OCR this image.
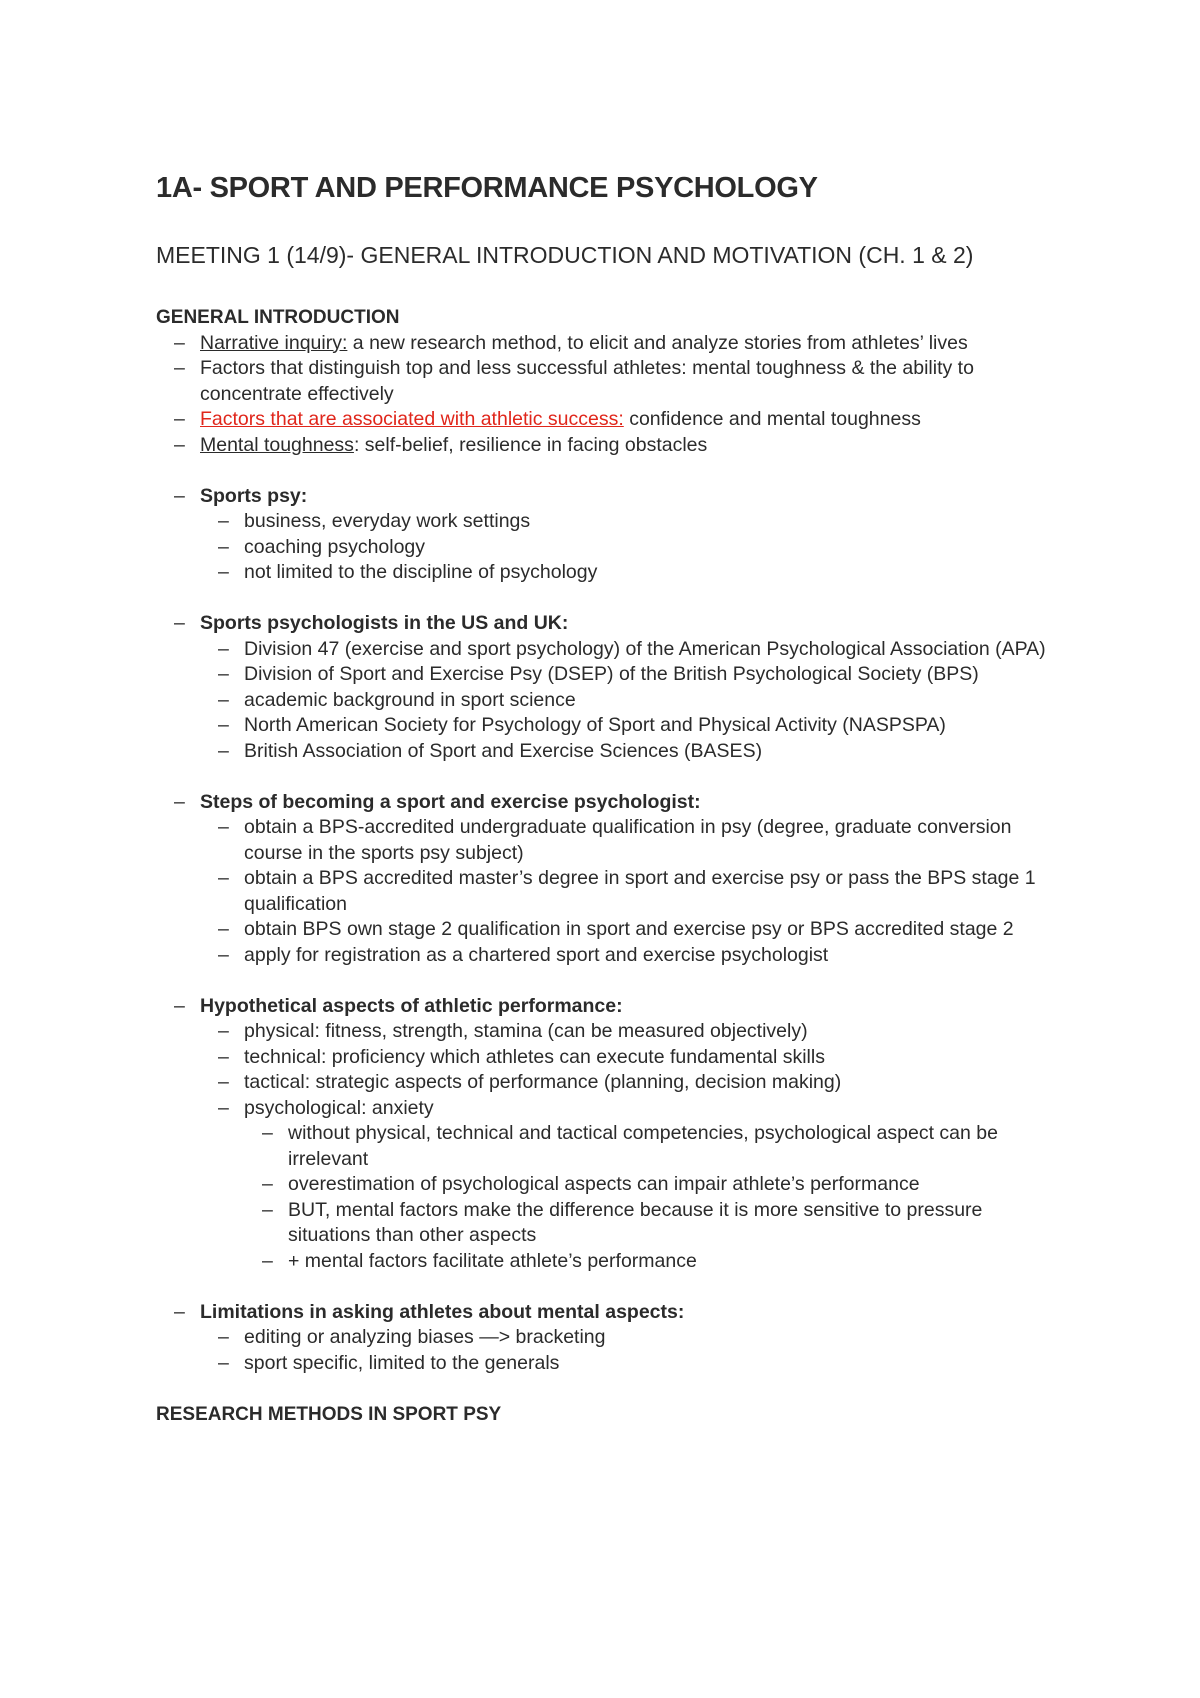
1A- SPORT AND PERFORMANCE PSYCHOLOGY
MEETING 1 (14/9)- GENERAL INTRODUCTION AND MOTIVATION (CH. 1 & 2)

GENERAL INTRODUCTION

– Narrative inquiry: a new research method, to elicit and analyze stories from athletes’ lives
– Factors that distinguish top and less successful athletes: mental toughness & the ability to concentrate effectively
– Factors that are associated with athletic success: confidence and mental toughness
– Mental toughness: self-belief, resilience in facing obstacles
– Sports psy:
– business, everyday work settings
– coaching psychology
– not limited to the discipline of psychology
– Sports psychologists in the US and UK:
– Division 47 (exercise and sport psychology) of the American Psychological Association (APA)
– Division of Sport and Exercise Psy (DSEP) of the British Psychological Society (BPS)
– academic background in sport science
– North American Society for Psychology of Sport and Physical Activity (NASPSPA)
– British Association of Sport and Exercise Sciences (BASES)
– Steps of becoming a sport and exercise psychologist:
– obtain a BPS-accredited undergraduate qualification in psy (degree, graduate conversion course in the sports psy subject)
– obtain a BPS accredited master’s degree in sport and exercise psy or pass the BPS stage 1 qualification
– obtain BPS own stage 2 qualification in sport and exercise psy or BPS accredited stage 2
– apply for registration as a chartered sport and exercise psychologist
– Hypothetical aspects of athletic performance:
– physical: fitness, strength, stamina (can be measured objectively)
– technical: proficiency which athletes can execute fundamental skills
– tactical: strategic aspects of performance (planning, decision making)
– psychological: anxiety
– without physical, technical and tactical competencies, psychological aspect can be irrelevant
– overestimation of psychological aspects can impair athlete’s performance
– BUT, mental factors make the difference because it is more sensitive to pressure situations than other aspects
– + mental factors facilitate athlete’s performance
– Limitations in asking athletes about mental aspects:
– editing or analyzing biases —> bracketing
– sport specific, limited to the generals

RESEARCH METHODS IN SPORT PSY
